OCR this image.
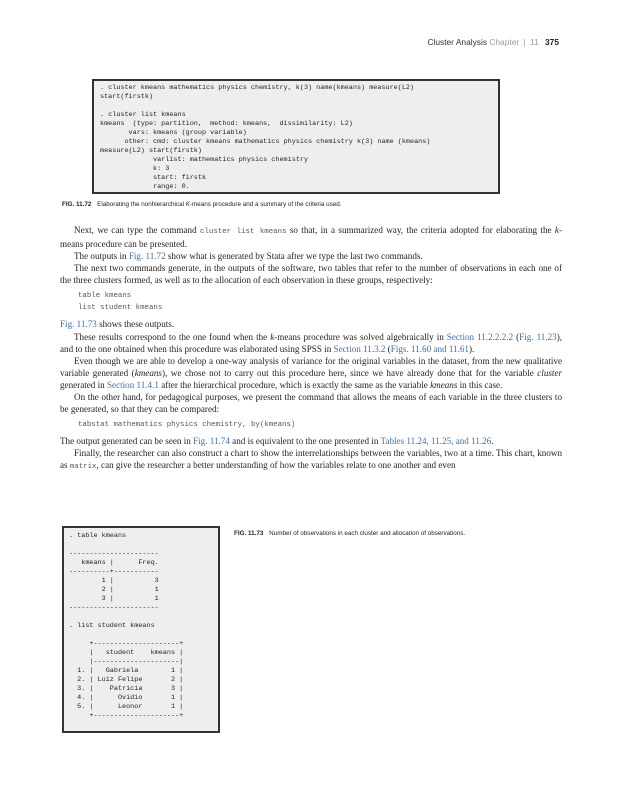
Cluster Analysis Chapter | 11 375
. cluster kmeans mathematics physics chemistry, k(3) name(kmeans) measure(L2)
start(firstk)
. cluster list kmeans
kmeans  (type: partition,  method: kmeans,  dissimilarity: L2)
vars: kmeans (group variable)
other: cmd: cluster kmeans mathematics physics chemistry k(3) name (kmeans)
measure(L2) start(firstk)
varlist: mathematics physics chemistry
k: 3
start: firstk
range: 0.
FIG. 11.72 Elaborating the nonhierarchical K-means procedure and a summary of the criteria used.

Next, we can type the command cluster list kmeans so that, in a summarized way, the criteria adopted for elaborating the k-means procedure can be presented.

The outputs in Fig. 11.72 show what is generated by Stata after we type the last two commands.

The next two commands generate, in the outputs of the software, two tables that refer to the number of observations in each one of the three clusters formed, as well as to the allocation of each observation in these groups, respectively:

table kmeans
list student kmeans

Fig. 11.73 shows these outputs.

These results correspond to the one found when the k-means procedure was solved algebraically in Section 11.2.2.2.2 (Fig. 11.23), and to the one obtained when this procedure was elaborated using SPSS in Section 11.3.2 (Figs. 11.60 and 11.61).

Even though we are able to develop a one-way analysis of variance for the original variables in the dataset, from the new qualitative variable generated (kmeans), we chose not to carry out this procedure here, since we have already done that for the variable cluster generated in Section 11.4.1 after the hierarchical procedure, which is exactly the same as the variable kmeans in this case.

On the other hand, for pedagogical purposes, we present the command that allows the means of each variable in the three clusters to be generated, so that they can be compared:

tabstat mathematics physics chemistry, by(kmeans)

The output generated can be seen in Fig. 11.74 and is equivalent to the one presented in Tables 11.24, 11.25, and 11.26.

Finally, the researcher can also construct a chart to show the interrelationships between the variables, two at a time. This chart, known as matrix, can give the researcher a better understanding of how the variables relate to one another and even

. table kmeans
----------------------
kmeans |      Freq.
----------+-----------
1 |          3
2 |          1
3 |          1
----------------------
. list student kmeans
+---------------------+
|   student    kmeans |
|---------------------|
1. |   Gabriela        1 |
2. | Luiz Felipe       2 |
3. |    Patricia       3 |
4. |      Ovidio       1 |
5. |      Leonor       1 |
+---------------------+
FIG. 11.73 Number of observations in each cluster and allocation of observations.
